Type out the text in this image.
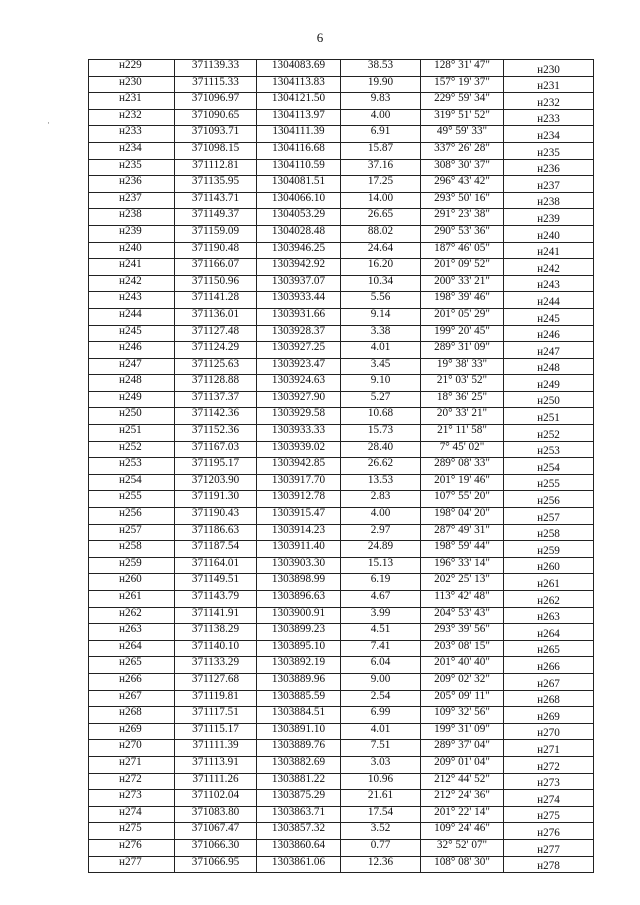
6
·
н229	371139.33	1304083.69	38.53	128° 31' 47"	н230
н230	371115.33	1304113.83	19.90	157° 19' 37"	н231
н231	371096.97	1304121.50	9.83	229° 59' 34"	н232
н232	371090.65	1304113.97	4.00	319° 51' 52"	н233
н233	371093.71	1304111.39	6.91	49° 59' 33"	н234
н234	371098.15	1304116.68	15.87	337° 26' 28"	н235
н235	371112.81	1304110.59	37.16	308° 30' 37"	н236
н236	371135.95	1304081.51	17.25	296° 43' 42"	н237
н237	371143.71	1304066.10	14.00	293° 50' 16"	н238
н238	371149.37	1304053.29	26.65	291° 23' 38"	н239
н239	371159.09	1304028.48	88.02	290° 53' 36"	н240
н240	371190.48	1303946.25	24.64	187° 46' 05"	н241
н241	371166.07	1303942.92	16.20	201° 09' 52"	н242
н242	371150.96	1303937.07	10.34	200° 33' 21"	н243
н243	371141.28	1303933.44	5.56	198° 39' 46"	н244
н244	371136.01	1303931.66	9.14	201° 05' 29"	н245
н245	371127.48	1303928.37	3.38	199° 20' 45"	н246
н246	371124.29	1303927.25	4.01	289° 31' 09"	н247
н247	371125.63	1303923.47	3.45	19° 38' 33"	н248
н248	371128.88	1303924.63	9.10	21° 03' 52"	н249
н249	371137.37	1303927.90	5.27	18° 36' 25"	н250
н250	371142.36	1303929.58	10.68	20° 33' 21"	н251
н251	371152.36	1303933.33	15.73	21° 11' 58"	н252
н252	371167.03	1303939.02	28.40	7° 45' 02"	н253
н253	371195.17	1303942.85	26.62	289° 08' 33"	н254
н254	371203.90	1303917.70	13.53	201° 19' 46"	н255
н255	371191.30	1303912.78	2.83	107° 55' 20"	н256
н256	371190.43	1303915.47	4.00	198° 04' 20"	н257
н257	371186.63	1303914.23	2.97	287° 49' 31"	н258
н258	371187.54	1303911.40	24.89	198° 59' 44"	н259
н259	371164.01	1303903.30	15.13	196° 33' 14"	н260
н260	371149.51	1303898.99	6.19	202° 25' 13"	н261
н261	371143.79	1303896.63	4.67	113° 42' 48"	н262
н262	371141.91	1303900.91	3.99	204° 53' 43"	н263
н263	371138.29	1303899.23	4.51	293° 39' 56"	н264
н264	371140.10	1303895.10	7.41	203° 08' 15"	н265
н265	371133.29	1303892.19	6.04	201° 40' 40"	н266
н266	371127.68	1303889.96	9.00	209° 02' 32"	н267
н267	371119.81	1303885.59	2.54	205° 09' 11"	н268
н268	371117.51	1303884.51	6.99	109° 32' 56"	н269
н269	371115.17	1303891.10	4.01	199° 31' 09"	н270
н270	371111.39	1303889.76	7.51	289° 37' 04"	н271
н271	371113.91	1303882.69	3.03	209° 01' 04"	н272
н272	371111.26	1303881.22	10.96	212° 44' 52"	н273
н273	371102.04	1303875.29	21.61	212° 24' 36"	н274
н274	371083.80	1303863.71	17.54	201° 22' 14"	н275
н275	371067.47	1303857.32	3.52	109° 24' 46"	н276
н276	371066.30	1303860.64	0.77	32° 52' 07"	н277
н277	371066.95	1303861.06	12.36	108° 08' 30"	н278
